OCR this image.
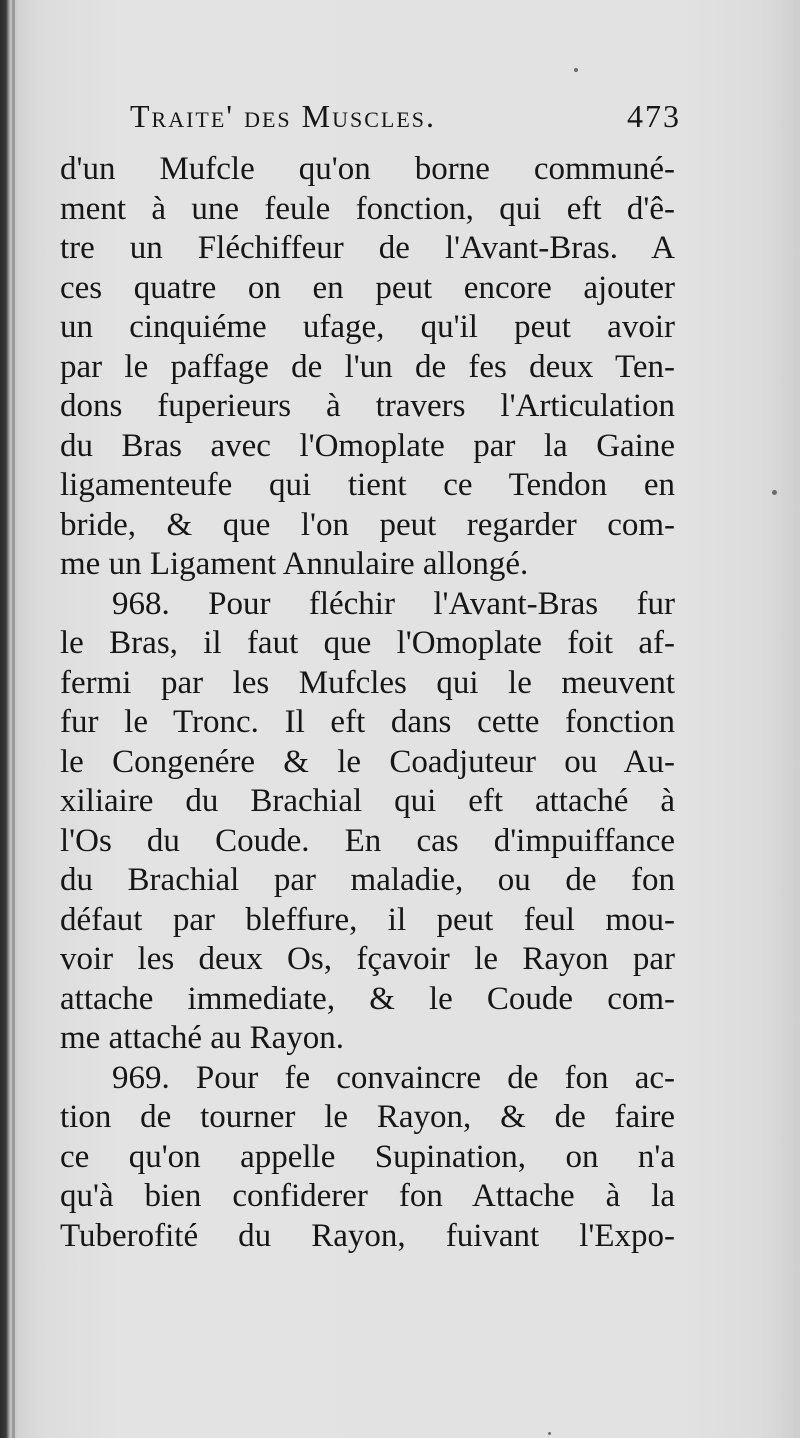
Traite' des Muscles.	473
d'un Mufcle qu'on borne communé-
ment à une feule fonction, qui eft d'ê-
tre un Fléchiffeur de l'Avant-Bras. A
ces quatre on en peut encore ajouter
un cinquiéme ufage, qu'il peut avoir
par le paffage de l'un de fes deux Ten-
dons fuperieurs à travers l'Articulation
du Bras avec l'Omoplate par la Gaine
ligamenteufe qui tient ce Tendon en
bride, & que l'on peut regarder com-
me un Ligament Annulaire allongé.
968. Pour fléchir l'Avant-Bras fur
le Bras, il faut que l'Omoplate foit af-
fermi par les Mufcles qui le meuvent
fur le Tronc. Il eft dans cette fonction
le Congenére & le Coadjuteur ou Au-
xiliaire du Brachial qui eft attaché à
l'Os du Coude. En cas d'impuiffance
du Brachial par maladie, ou de fon
défaut par bleffure, il peut feul mou-
voir les deux Os, fçavoir le Rayon par
attache immediate, & le Coude com-
me attaché au Rayon.
969. Pour fe convaincre de fon ac-
tion de tourner le Rayon, & de faire
ce qu'on appelle Supination, on n'a
qu'à bien confiderer fon Attache à la
Tuberofité du Rayon, fuivant l'Expo-
